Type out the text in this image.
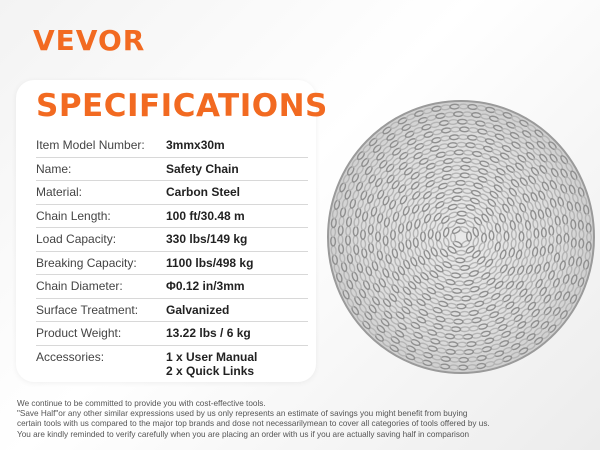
VEVOR
SPECIFICATIONS
Item Model Number:	3mmx30m
Name:	Safety Chain
Material:	Carbon Steel
Chain Length:	100 ft/30.48 m
Load Capacity:	330 lbs/149 kg
Breaking Capacity:	1100 lbs/498 kg
Chain Diameter:	Φ0.12 in/3mm
Surface Treatment:	Galvanized
Product Weight:	13.22 lbs / 6 kg
Accessories:	1 x User Manual
2 x Quick Links
We continue to be committed to provide you with cost-effective tools.
"Save Half"or any other similar expressions used by us only represents an estimate of savings you might benefit from buying
certain tools with us compared to the major top brands and dose not necessarilymean to cover all categories of tools offered by us.
You are kindly reminded to verify carefully when you are placing an order with us if you are actually saving half in comparison
